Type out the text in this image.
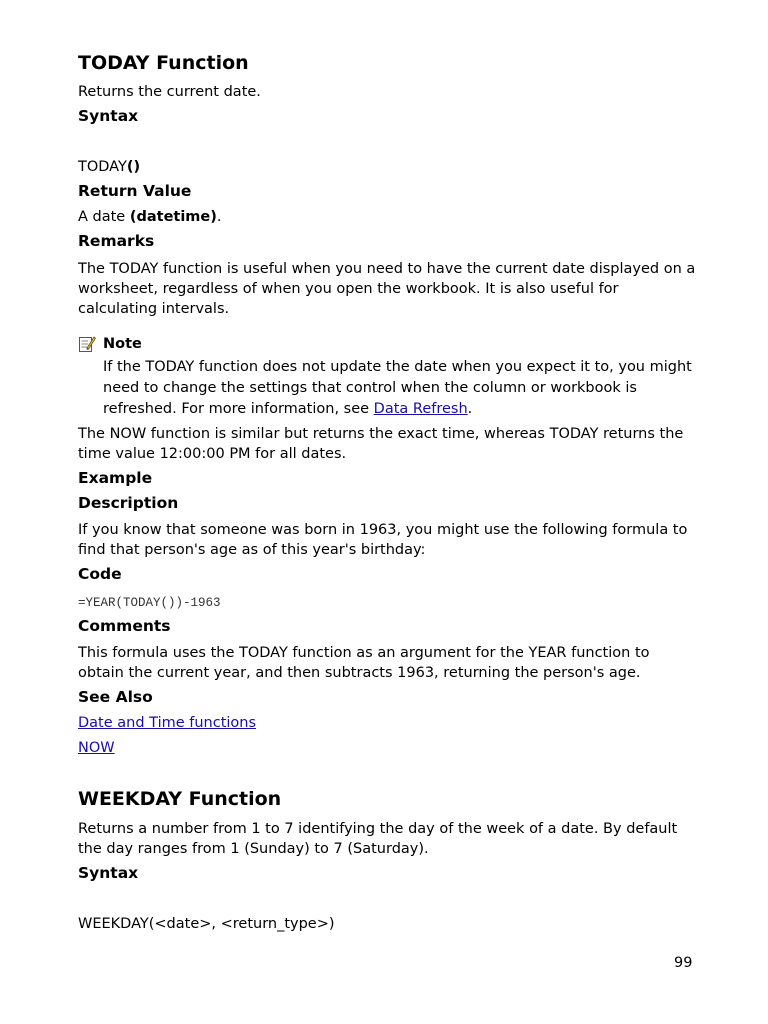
TODAY Function

Returns the current date.

Syntax

TODAY()

Return Value

A date (datetime).

Remarks

The TODAY function is useful when you need to have the current date displayed on a worksheet, regardless of when you open the workbook. It is also useful for calculating intervals.

Note
If the TODAY function does not update the date when you expect it to, you might need to change the settings that control when the column or workbook is refreshed. For more information, see Data Refresh.

The NOW function is similar but returns the exact time, whereas TODAY returns the time value 12:00:00 PM for all dates.

Example
Description

If you know that someone was born in 1963, you might use the following formula to find that person's age as of this year's birthday:

Code

=YEAR(TODAY())-1963

Comments

This formula uses the TODAY function as an argument for the YEAR function to obtain the current year, and then subtracts 1963, returning the person's age.

See Also
Date and Time functions
NOW
WEEKDAY Function

Returns a number from 1 to 7 identifying the day of the week of a date. By default the day ranges from 1 (Sunday) to 7 (Saturday).

Syntax

WEEKDAY(<date>, <return_type>)

99
